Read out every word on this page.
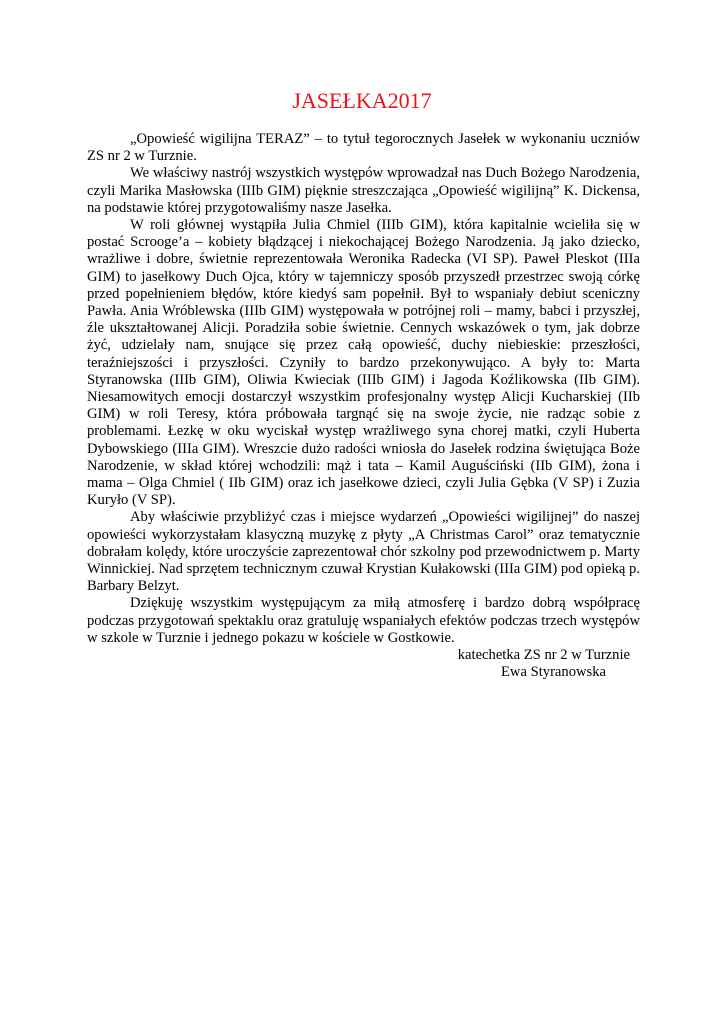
JASEŁKA2017

„Opowieść wigilijna TERAZ” – to tytuł tegorocznych Jasełek w wykonaniu uczniów ZS nr 2 w Turznie.

We właściwy nastrój wszystkich występów wprowadzał nas Duch Bożego Narodzenia, czyli Marika Masłowska (IIIb GIM) pięknie streszczająca „Opowieść wigilijną” K. Dickensa, na podstawie której przygotowaliśmy nasze Jasełka.

W roli głównej wystąpiła Julia Chmiel (IIIb GIM), która kapitalnie wcieliła się w postać Scrooge’a – kobiety błądzącej i niekochającej Bożego Narodzenia. Ją jako dziecko, wrażliwe i dobre, świetnie reprezentowała Weronika Radecka (VI SP). Paweł Pleskot (IIIa GIM) to jasełkowy Duch Ojca, który w tajemniczy sposób przyszedł przestrzec swoją córkę przed popełnieniem błędów, które kiedyś sam popełnił. Był to wspaniały debiut sceniczny Pawła. Ania Wróblewska (IIIb GIM) występowała w potrójnej roli – mamy, babci i przyszłej, źle ukształtowanej Alicji. Poradziła sobie świetnie. Cennych wskazówek o tym, jak dobrze żyć, udzielały nam, snujące się przez całą opowieść, duchy niebieskie: przeszłości, teraźniejszości i przyszłości. Czyniły to bardzo przekonywująco. A były to: Marta Styranowska (IIIb GIM), Oliwia Kwieciak (IIIb GIM) i Jagoda Koźlikowska (IIb GIM). Niesamowitych emocji dostarczył wszystkim profesjonalny występ Alicji Kucharskiej (IIb GIM) w roli Teresy, która próbowała targnąć się na swoje życie, nie radząc sobie z problemami. Łezkę w oku wyciskał występ wrażliwego syna chorej matki, czyli Huberta Dybowskiego (IIIa GIM). Wreszcie dużo radości wniosła do Jasełek rodzina świętująca Boże Narodzenie, w skład której wchodzili: mąż i tata – Kamil Auguściński (IIb GIM), żona i mama – Olga Chmiel ( IIb GIM) oraz ich jasełkowe dzieci, czyli Julia Gębka (V SP) i Zuzia Kuryło (V SP).

Aby właściwie przybliżyć czas i miejsce wydarzeń „Opowieści wigilijnej” do naszej opowieści wykorzystałam klasyczną muzykę z płyty „A Christmas Carol” oraz tematycznie dobrałam kolędy, które uroczyście zaprezentował chór szkolny pod przewodnictwem p. Marty Winnickiej. Nad sprzętem technicznym czuwał Krystian Kułakowski (IIIa GIM) pod opieką p. Barbary Belzyt.

Dziękuję wszystkim występującym za miłą atmosferę i bardzo dobrą współpracę podczas przygotowań spektaklu oraz gratuluję wspaniałych efektów podczas trzech występów w szkole w Turznie i jednego pokazu w kościele w Gostkowie.

katechetka ZS nr 2 w Turznie
Ewa Styranowska
